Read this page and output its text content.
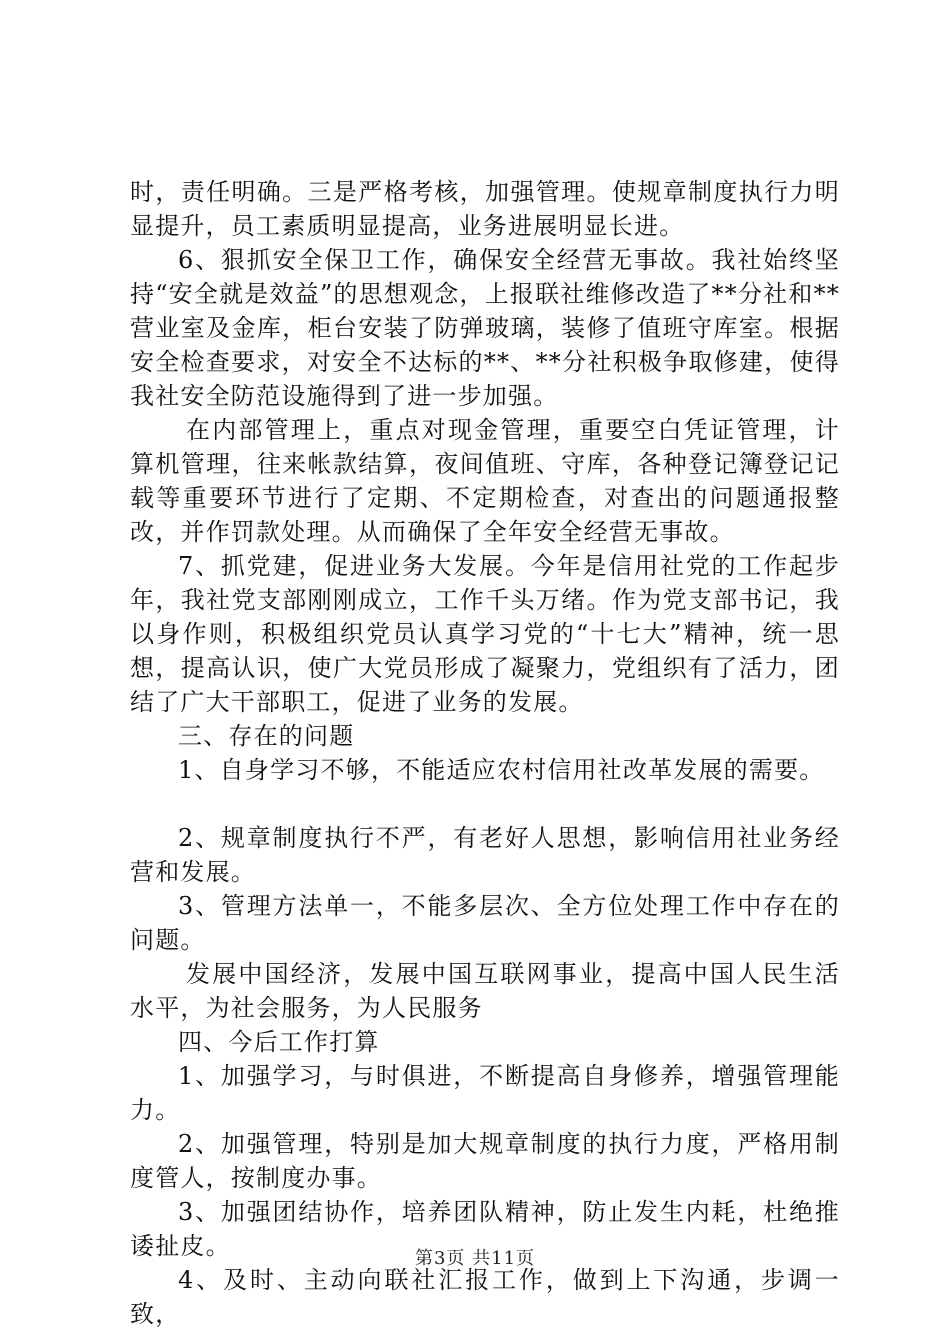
时，责任明确。三是严格考核，加强管理。使规章制度执行力明显提升，员工素质明显提高，业务进展明显长进。

6、狠抓安全保卫工作，确保安全经营无事故。我社始终坚持“安全就是效益”的思想观念，上报联社维修改造了**分社和**营业室及金库，柜台安装了防弹玻璃，装修了值班守库室。根据安全检查要求，对安全不达标的**、**分社积极争取修建，使得我社安全防范设施得到了进一步加强。

在内部管理上，重点对现金管理，重要空白凭证管理，计算机管理，往来帐款结算，夜间值班、守库，各种登记簿登记记载等重要环节进行了定期、不定期检查，对查出的问题通报整改，并作罚款处理。从而确保了全年安全经营无事故。

7、抓党建，促进业务大发展。今年是信用社党的工作起步年，我社党支部刚刚成立，工作千头万绪。作为党支部书记，我以身作则，积极组织党员认真学习党的“十七大”精神，统一思想，提高认识，使广大党员形成了凝聚力，党组织有了活力，团结了广大干部职工，促进了业务的发展。

三、存在的问题

1、自身学习不够，不能适应农村信用社改革发展的需要。

2、规章制度执行不严，有老好人思想，影响信用社业务经营和发展。

3、管理方法单一，不能多层次、全方位处理工作中存在的问题。

发展中国经济，发展中国互联网事业，提高中国人民生活水平，为社会服务，为人民服务

四、今后工作打算

1、加强学习，与时俱进，不断提高自身修养，增强管理能力。

2、加强管理，特别是加大规章制度的执行力度，严格用制度管人，按制度办事。

3、加强团结协作，培养团队精神，防止发生内耗，杜绝推诿扯皮。

4、及时、主动向联社汇报工作，做到上下沟通，步调一致，

第3页 共11页
